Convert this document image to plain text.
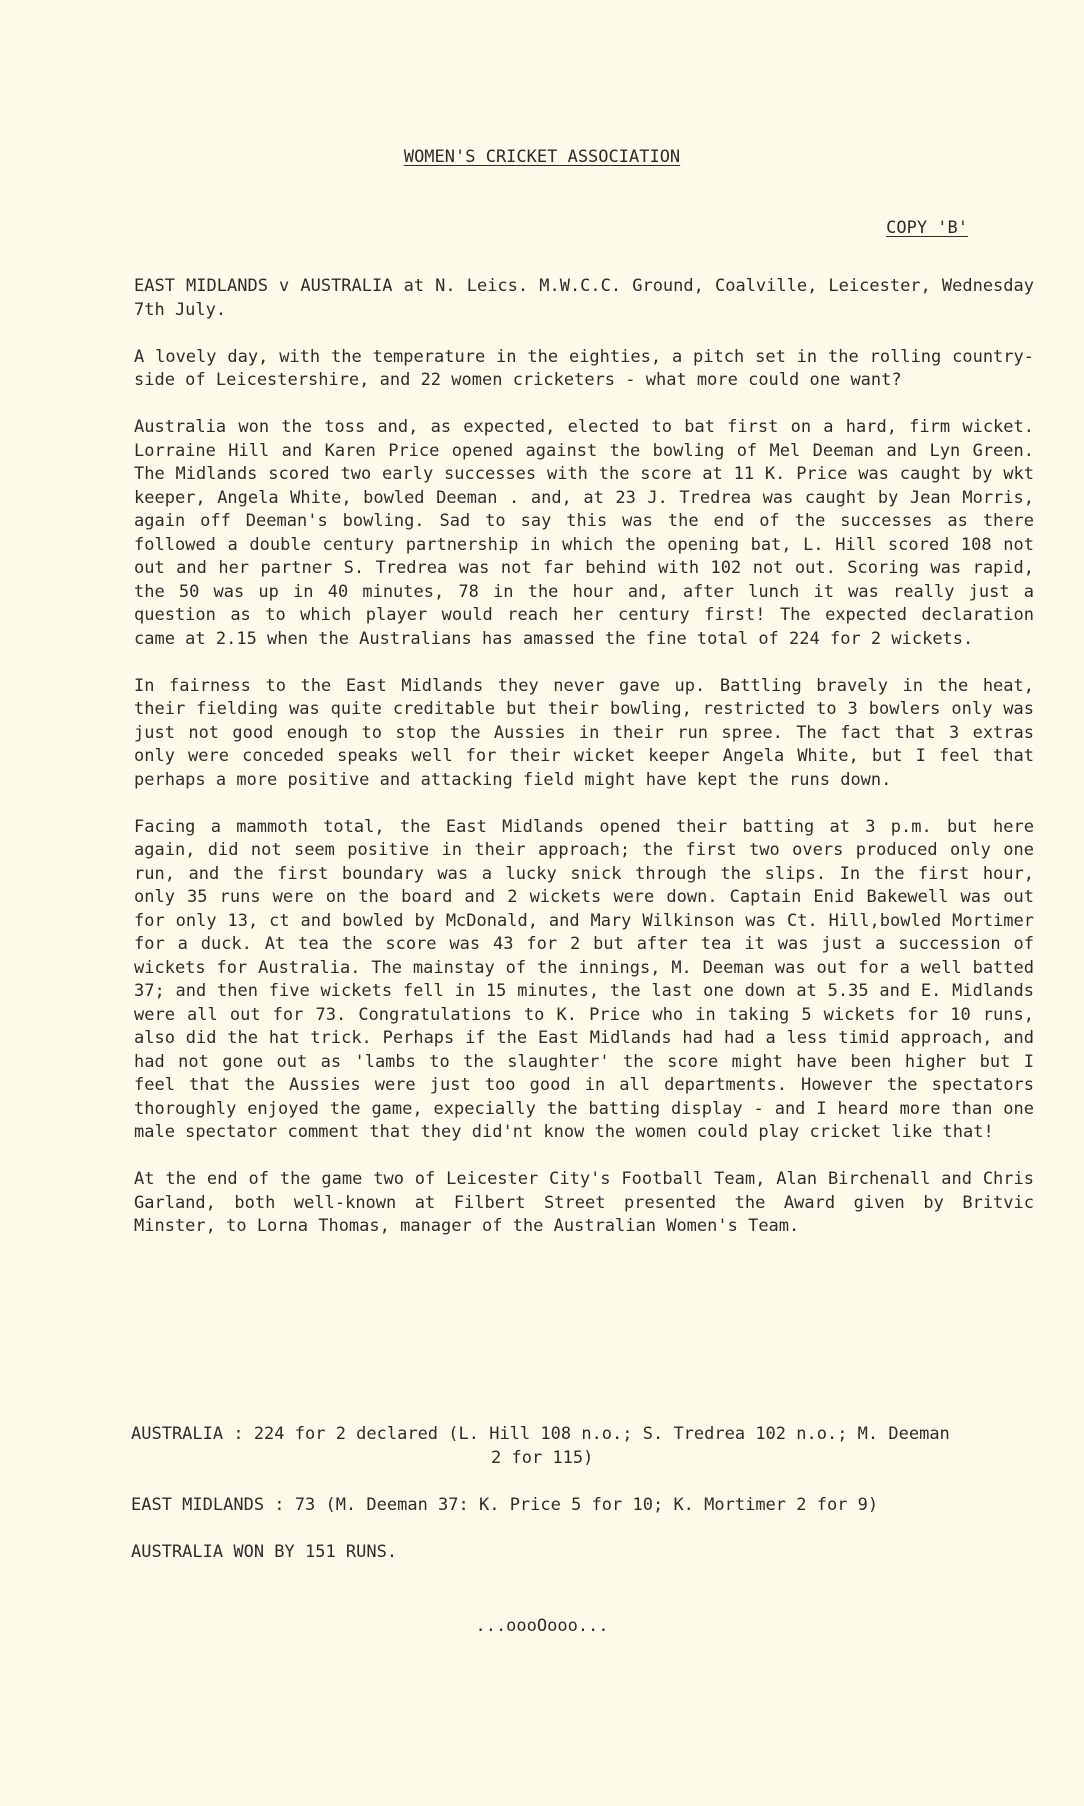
WOMEN'S CRICKET ASSOCIATION
COPY 'B'

EAST MIDLANDS v AUSTRALIA at N. Leics. M.W.C.C. Ground, Coalville, Leicester, Wednesday 7th July.

A lovely day, with the temperature in the eighties, a pitch set in the rolling country-side of Leicestershire, and 22 women cricketers - what more could one want?

Australia won the toss and, as expected, elected to bat first on a hard, firm wicket. Lorraine Hill and Karen Price opened against the bowling of Mel Deeman and Lyn Green. The Midlands scored two early successes with the score at 11 K. Price was caught by wkt keeper, Angela White, bowled Deeman . and, at 23 J. Tredrea was caught by Jean Morris, again off Deeman's bowling. Sad to say this was the end of the successes as there followed a double century partnership in which the opening bat, L. Hill scored 108 not out and her partner S. Tredrea was not far behind with 102 not out. Scoring was rapid, the 50 was up in 40 minutes, 78 in the hour and, after lunch it was really just a question as to which player would reach her century first! The expected declaration came at 2.15 when the Australians has amassed the fine total of 224 for 2 wickets.

In fairness to the East Midlands they never gave up. Battling bravely in the heat, their fielding was quite creditable but their bowling, restricted to 3 bowlers only was just not good enough to stop the Aussies in their run spree. The fact that 3 extras only were conceded speaks well for their wicket keeper Angela White, but I feel that perhaps a more positive and attacking field might have kept the runs down.

Facing a mammoth total, the East Midlands opened their batting at 3 p.m. but here again, did not seem positive in their approach; the first two overs produced only one run, and the first boundary was a lucky snick through the slips. In the first hour, only 35 runs were on the board and 2 wickets were down. Captain Enid Bakewell was out for only 13, ct and bowled by McDonald, and Mary Wilkinson was Ct. Hill,bowled Mortimer for a duck. At tea the score was 43 for 2 but after tea it was just a succession of wickets for Australia. The mainstay of the innings, M. Deeman was out for a well batted 37; and then five wickets fell in 15 minutes, the last one down at 5.35 and E. Midlands were all out for 73. Congratulations to K. Price who in taking 5 wickets for 10 runs, also did the hat trick. Perhaps if the East Midlands had had a less timid approach, and had not gone out as 'lambs to the slaughter' the score might have been higher but I feel that the Aussies were just too good in all departments. However the spectators thoroughly enjoyed the game, expecially the batting display - and I heard more than one male spectator comment that they did'nt know the women could play cricket like that!

At the end of the game two of Leicester City's Football Team, Alan Birchenall and Chris Garland, both well-known at Filbert Street presented the Award given by Britvic Minster, to Lorna Thomas, manager of the Australian Women's Team.

AUSTRALIA : 224 for 2 declared (L. Hill 108 n.o.; S. Tredrea 102 n.o.; M. Deeman
2 for 115)
EAST MIDLANDS : 73 (M. Deeman 37: K. Price 5 for 10; K. Mortimer 2 for 9)
AUSTRALIA WON BY 151 RUNS.
...oooOooo...
